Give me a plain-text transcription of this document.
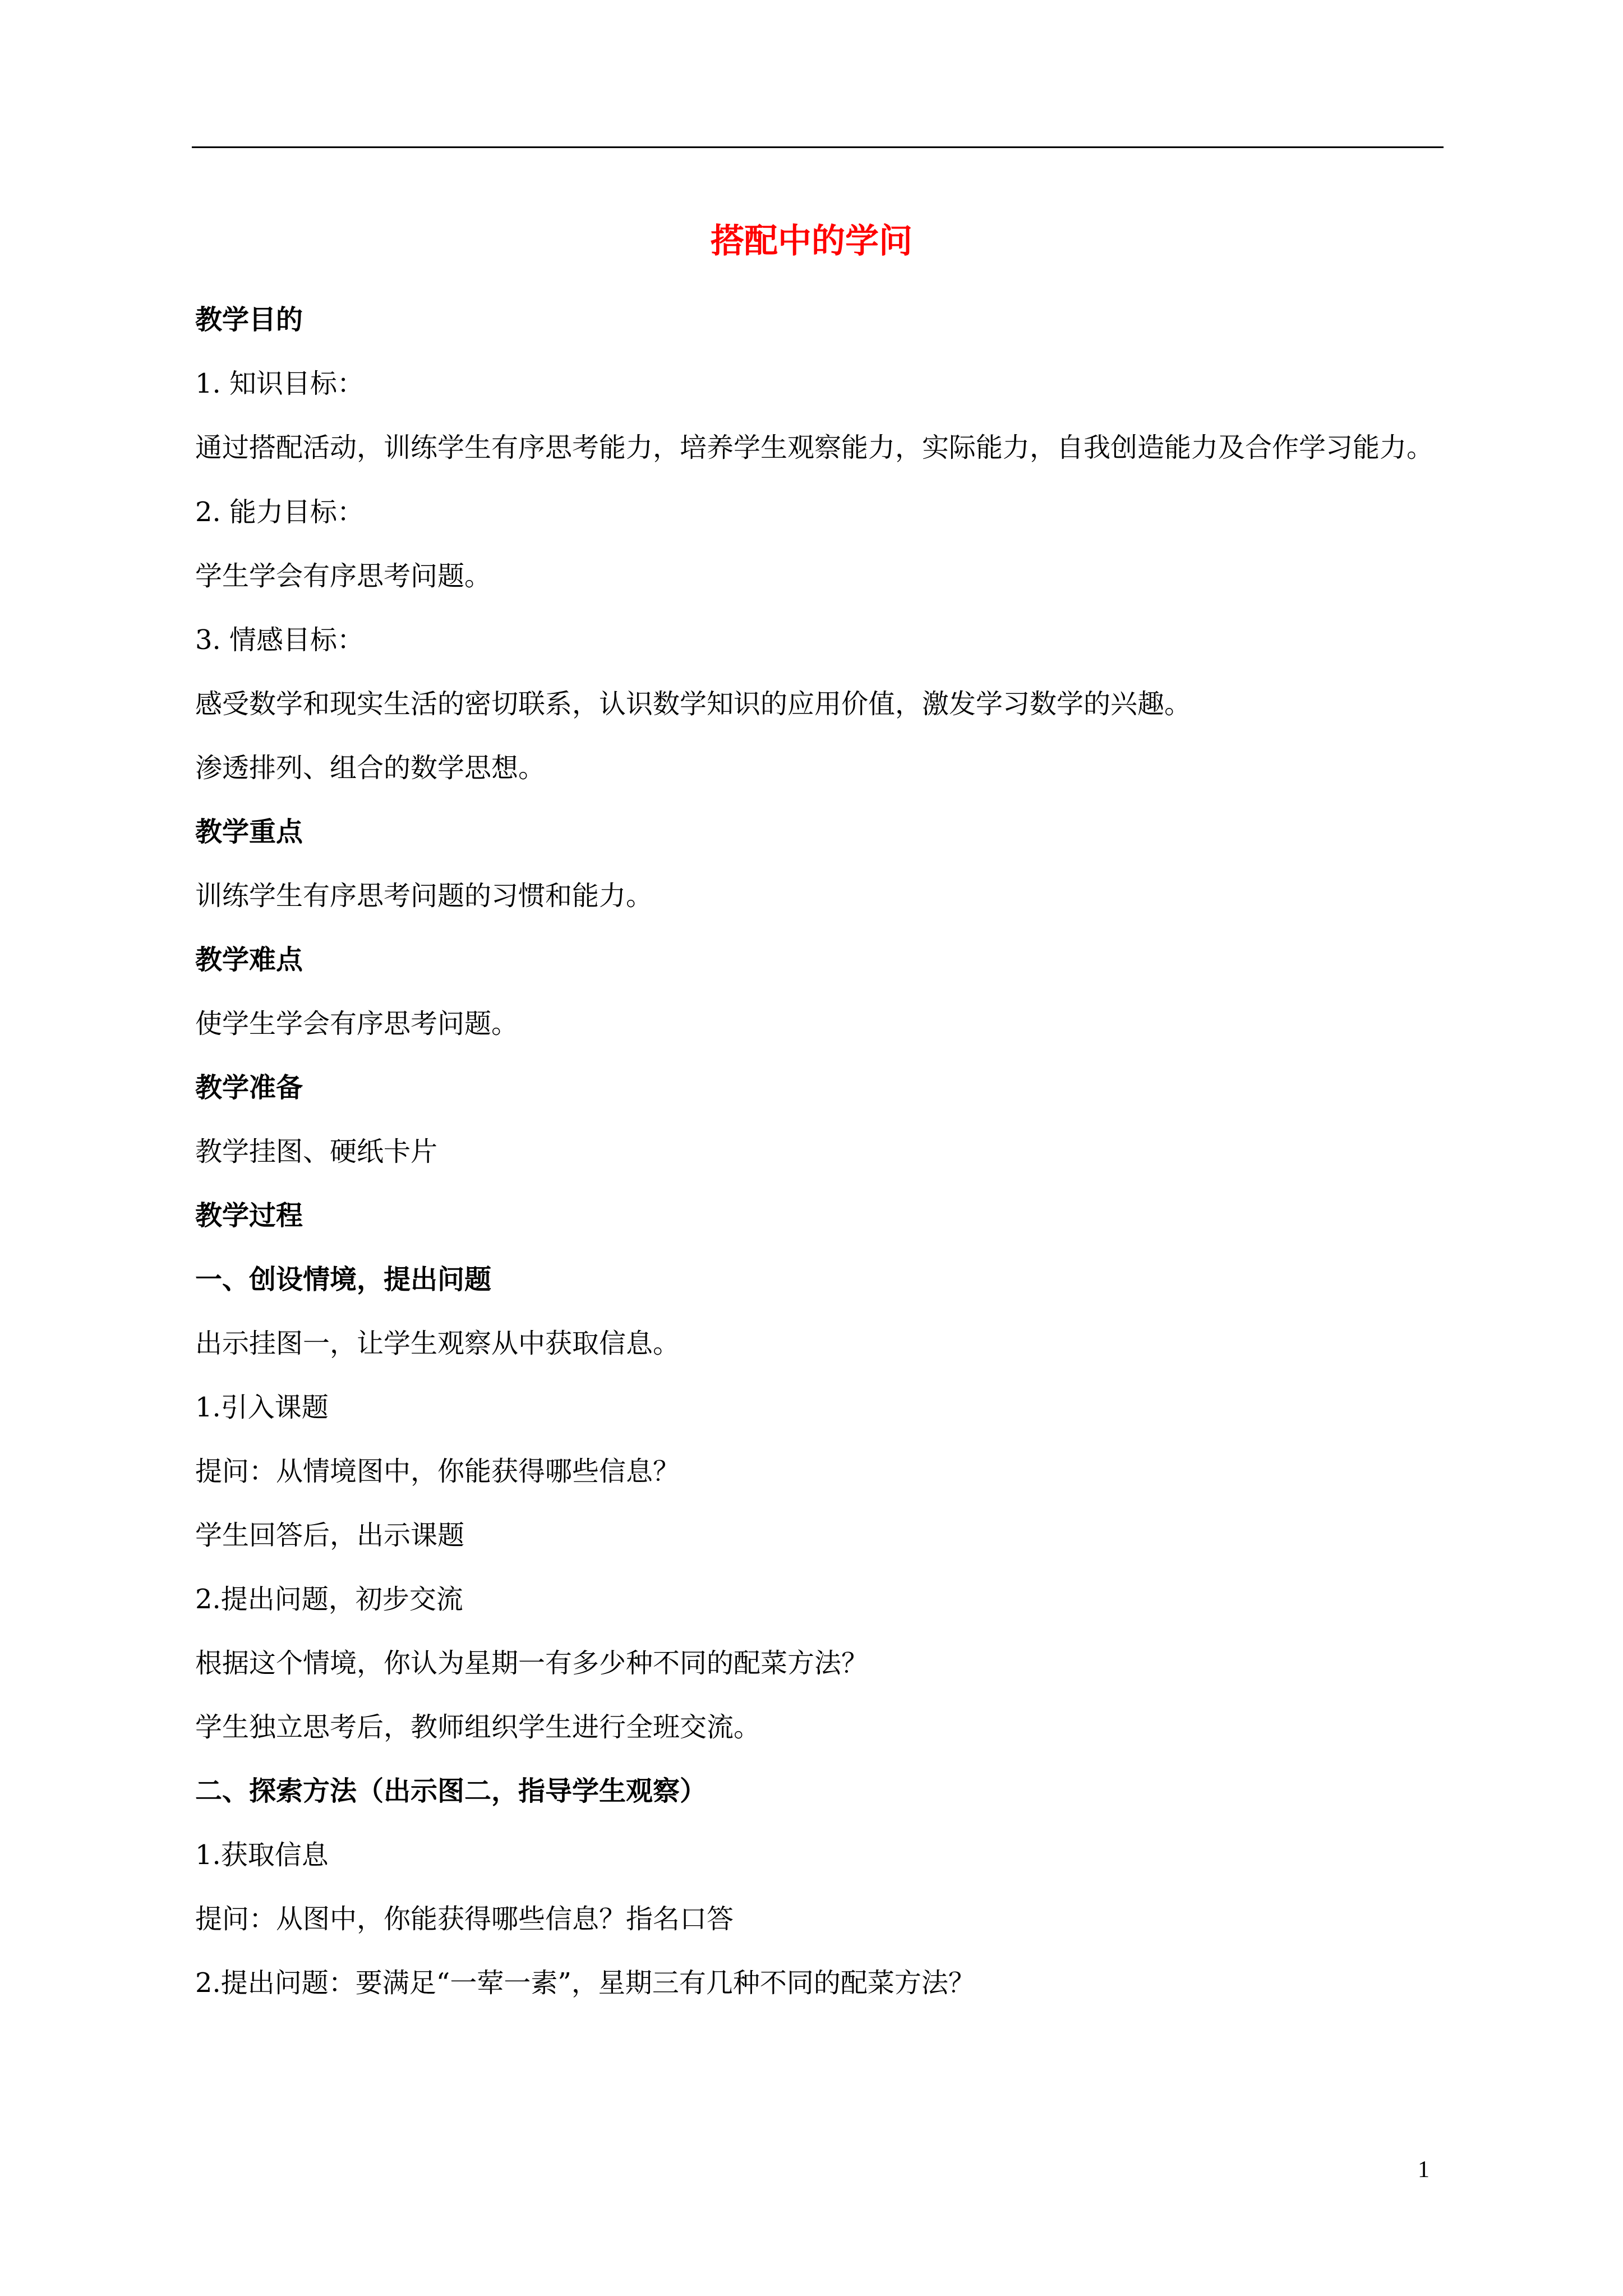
搭配中的学问

教学目的

1. 知识目标：

通过搭配活动，训练学生有序思考能力，培养学生观察能力，实际能力，自我创造能力及合作学习能力。

2. 能力目标：

学生学会有序思考问题。

3. 情感目标：

感受数学和现实生活的密切联系，认识数学知识的应用价值，激发学习数学的兴趣。

渗透排列、组合的数学思想。

教学重点

训练学生有序思考问题的习惯和能力。

教学难点

使学生学会有序思考问题。

教学准备

教学挂图、硬纸卡片

教学过程

一、创设情境，提出问题

出示挂图一，让学生观察从中获取信息。

1.引入课题

提问：从情境图中，你能获得哪些信息？

学生回答后，出示课题

2.提出问题，初步交流

根据这个情境，你认为星期一有多少种不同的配菜方法？

学生独立思考后，教师组织学生进行全班交流。

二、探索方法（出示图二，指导学生观察）

1.获取信息

提问：从图中，你能获得哪些信息？指名口答

2.提出问题：要满足“一荤一素”，星期三有几种不同的配菜方法？

1
